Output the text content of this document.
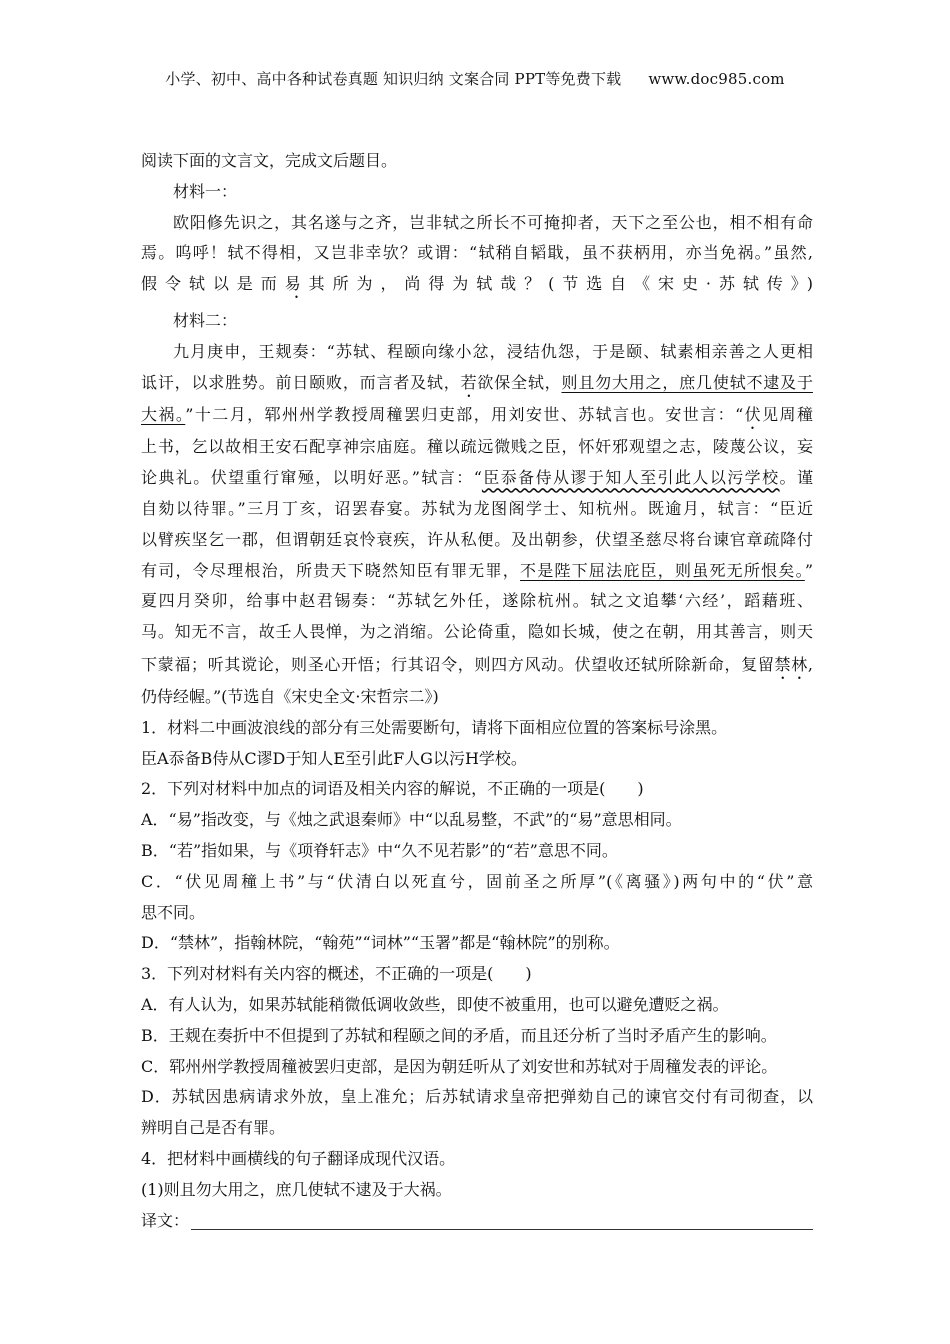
小学、初中、高中各种试卷真题 知识归纳 文案合同 PPT等免费下载 www.doc985.com
阅读下面的文言文，完成文后题目。
材料一：
欧阳修先识之，其名遂与之齐，岂非轼之所长不可掩抑者，天下之至公也，相不相有命
焉。呜呼！轼不得相，又岂非幸欤？或谓：“轼稍自韬戢，虽不获柄用，亦当免祸。”虽然,
假令轼以是而易其所为，尚得为轼哉？(节选自《宋史·苏轼传》)
材料二：
九月庚申，王觌奏：“苏轼、程颐向缘小忿，浸结仇怨，于是颐、轼素相亲善之人更相
诋讦，以求胜势。前日颐败，而言者及轼，若欲保全轼，则且勿大用之，庶几使轼不逮及于
大祸。”十二月，郓州州学教授周穜罢归吏部，用刘安世、苏轼言也。安世言：“伏见周穜
上书，乞以故相王安石配享神宗庙庭。穜以疏远微贱之臣，怀奸邪观望之志，陵蔑公议，妄
论典礼。伏望重行窜殛，以明好恶。”轼言：“臣忝备侍从谬于知人至引此人以污学校。谨
自劾以待罪。”三月丁亥，诏罢春宴。苏轼为龙图阁学士、知杭州。既逾月，轼言：“臣近
以臂疾坚乞一郡，但谓朝廷哀怜衰疾，许从私便。及出朝参，伏望圣慈尽将台谏官章疏降付
有司，令尽理根治，所贵天下晓然知臣有罪无罪，不是陛下屈法庇臣，则虽死无所恨矣。”
夏四月癸卯，给事中赵君锡奏：“苏轼乞外任，遂除杭州。轼之文追攀‘六经’，蹈藉班、
马。知无不言，故壬人畏惮，为之消缩。公论倚重，隐如长城，使之在朝，用其善言，则天
下蒙福；听其谠论，则圣心开悟；行其诏令，则四方风动。伏望收还轼所除新命，复留禁林,
仍侍经幄。”(节选自《宋史全文·宋哲宗二》)
1．材料二中画波浪线的部分有三处需要断句，请将下面相应位置的答案标号涂黑。
臣A忝备B侍从C谬D于知人E至引此F人G以污H学校。
2．下列对材料中加点的词语及相关内容的解说，不正确的一项是(　　)
A．“易”指改变，与《烛之武退秦师》中“以乱易整，不武”的“易”意思相同。
B．“若”指如果，与《项脊轩志》中“久不见若影”的“若”意思不同。
C．“伏见周穜上书”与“伏清白以死直兮，固前圣之所厚”(《离骚》)两句中的“伏”意
思不同。
D．“禁林”，指翰林院，“翰苑”“词林”“玉署”都是“翰林院”的别称。
3．下列对材料有关内容的概述，不正确的一项是(　　)
A．有人认为，如果苏轼能稍微低调收敛些，即使不被重用，也可以避免遭贬之祸。
B．王觌在奏折中不但提到了苏轼和程颐之间的矛盾，而且还分析了当时矛盾产生的影响。
C．郓州州学教授周穜被罢归吏部，是因为朝廷听从了刘安世和苏轼对于周穜发表的评论。
D．苏轼因患病请求外放，皇上准允；后苏轼请求皇帝把弹劾自己的谏官交付有司彻查，以
辨明自己是否有罪。
4．把材料中画横线的句子翻译成现代汉语。
(1)则且勿大用之，庶几使轼不逮及于大祸。
译文：
